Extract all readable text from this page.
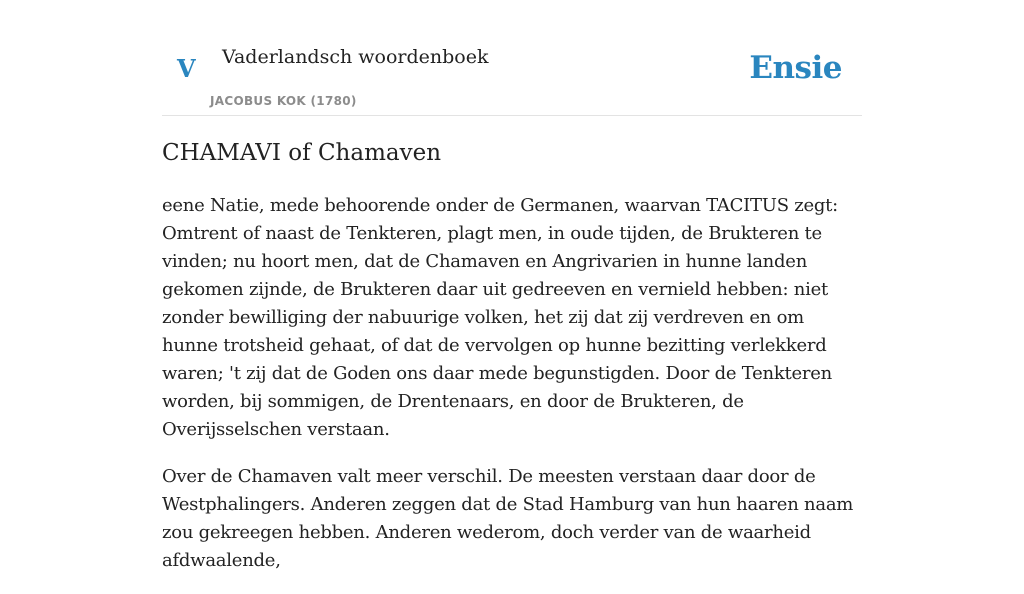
V Vaderlandsch woordenboek
JACOBUS KOK (1780)
Ensie
CHAMAVI of Chamaven

eene Natie, mede behoorende onder de Germanen, waarvan TACITUS zegt: Omtrent of naast de Tenkteren, plagt men, in oude tijden, de Brukteren te vinden; nu hoort men, dat de Chamaven en Angrivarien in hunne landen gekomen zijnde, de Brukteren daar uit gedreeven en vernield hebben: niet zonder bewilliging der nabuurige volken, het zij dat zij verdreven en om hunne trotsheid gehaat, of dat de vervolgen op hunne bezitting verlekkerd waren; 't zij dat de Goden ons daar mede begunstigden. Door de Tenkteren worden, bij sommigen, de Drentenaars, en door de Brukteren, de Overijsselschen verstaan.

Over de Chamaven valt meer verschil. De meesten verstaan daar door de Westphalingers. Anderen zeggen dat de Stad Hamburg van hun haaren naam zou gekreegen hebben. Anderen wederom, doch verder van de waarheid afdwaalende,
